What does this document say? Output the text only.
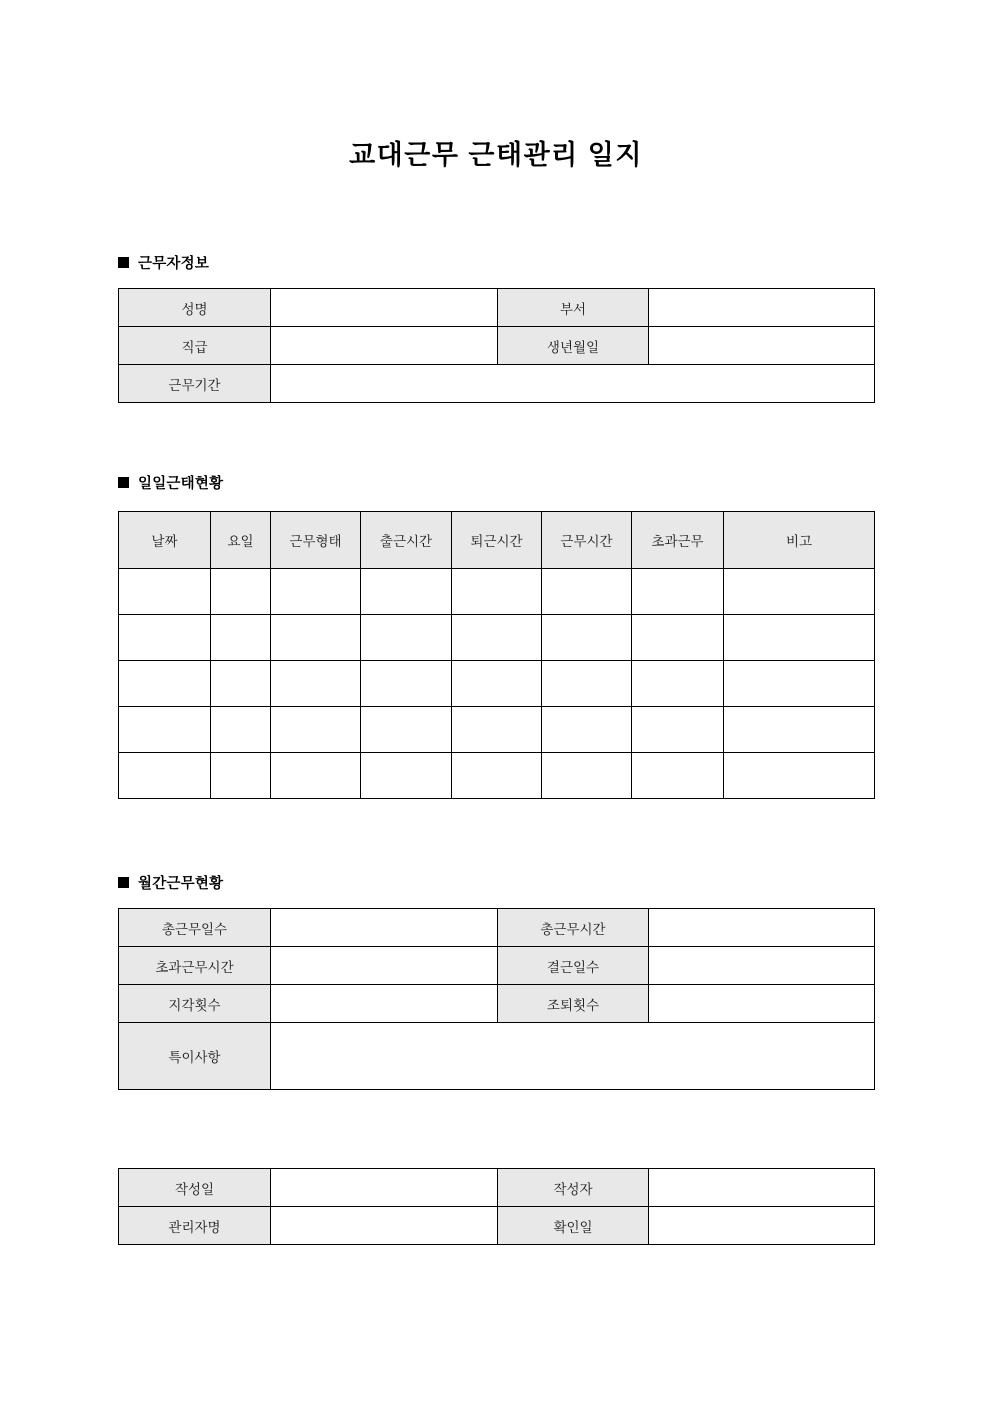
교대근무 근태관리 일지
근무자정보
성명		부서	
직급		생년월일	
근무기간			
일일근태현황
날짜	요일	근무형태	출근시간	퇴근시간	근무시간	초과근무	비고

월간근무현황
총근무일수		총근무시간	
초과근무시간		결근일수	
지각횟수		조퇴횟수	
특이사항			
작성일		작성자	
관리자명		확인일	
